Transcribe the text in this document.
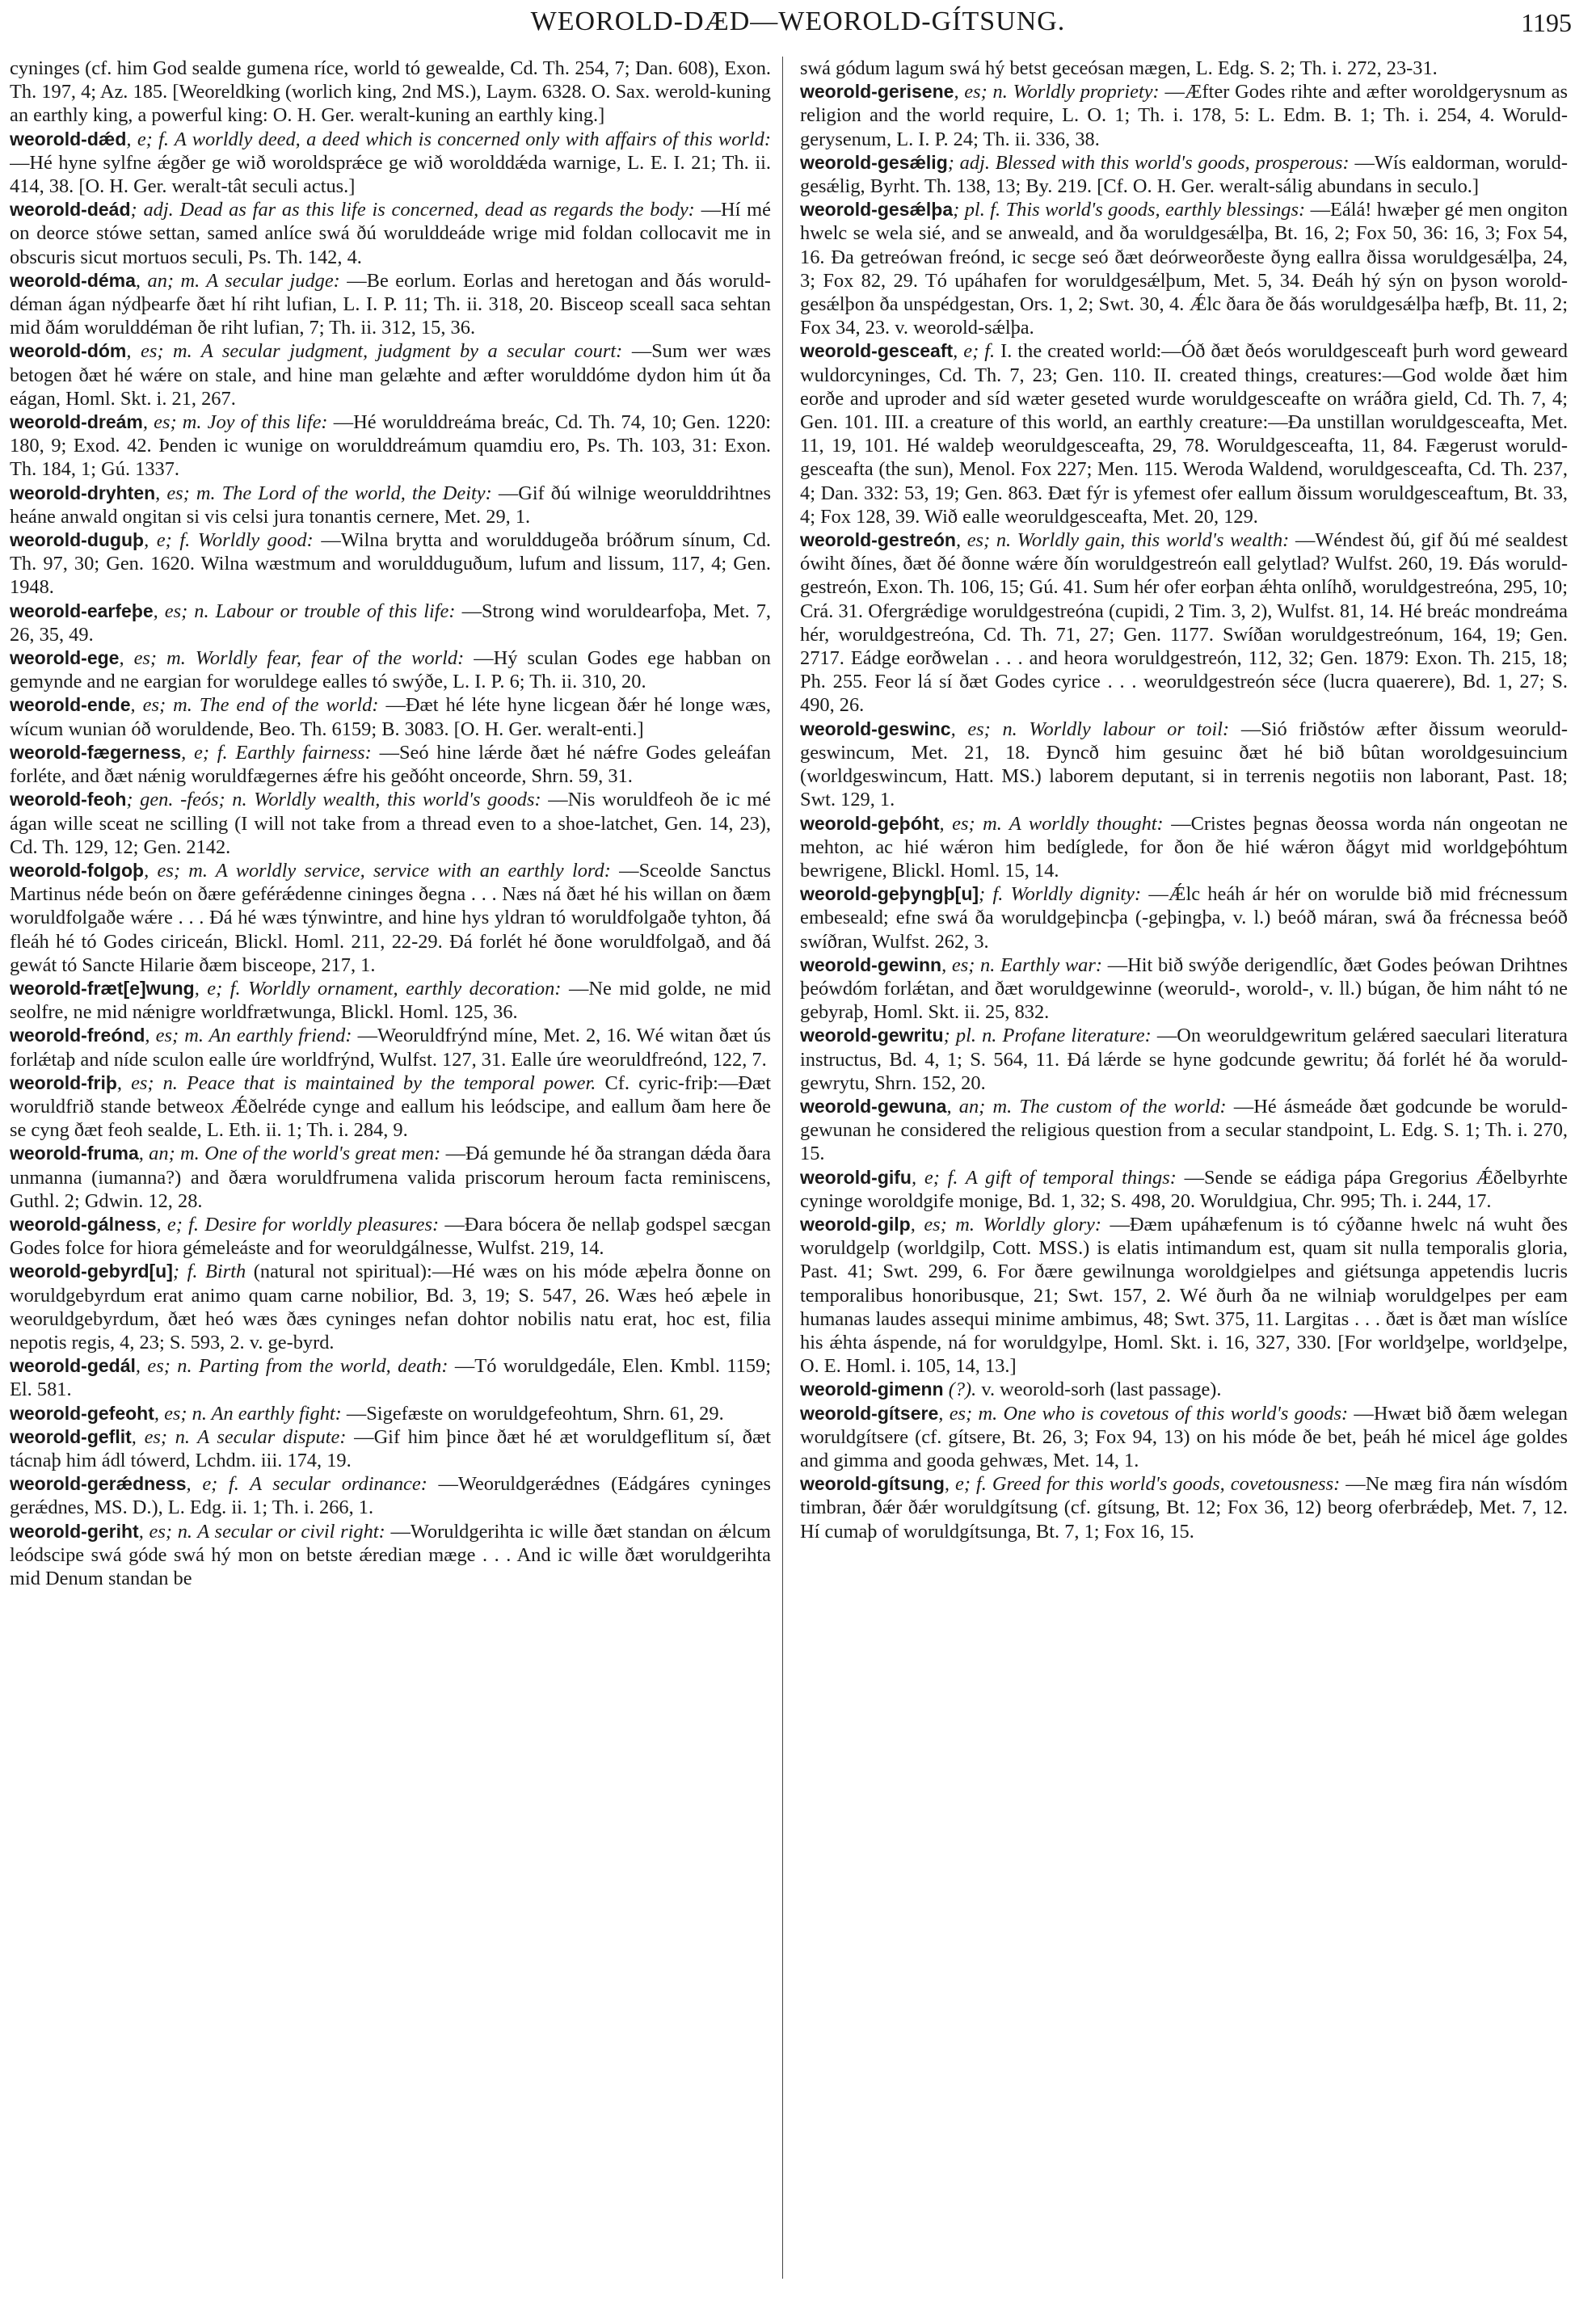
WEOROLD-DÆD—WEOROLD-GÍTSUNG.	1195

cyninges (cf. him God sealde gumena ríce, world tó gewealde, Cd. Th. 254, 7; Dan. 608), Exon. Th. 197, 4; Az. 185. [Weoreldking (worlich king, 2nd MS.), Laym. 6328. O. Sax. werold-kuning an earthly king, a powerful king: O. H. Ger. weralt-kuning an earthly king.]

weorold-dǽd, e; f. A worldly deed, a deed which is concerned only with affairs of this world: —Hé hyne sylfne ǽgðer ge wið woroldsprǽce ge wið worolddǽda warnige, L. E. I. 21; Th. ii. 414, 38. [O. H. Ger. weralt-tât seculi actus.]

weorold-deád; adj. Dead as far as this life is concerned, dead as regards the body: —Hí mé on deorce stówe settan, samed anlíce swá ðú worulddeáde wrige mid foldan collocavit me in obscuris sicut mortuos seculi, Ps. Th. 142, 4.

weorold-déma, an; m. A secular judge: —Be eorlum. Eorlas and heretogan and ðás worulddéman ágan nýdþearfe ðæt hí riht lufian, L. I. P. 11; Th. ii. 318, 20. Bisceop sceall saca sehtan mid ðám worulddéman ðe riht lufian, 7; Th. ii. 312, 15, 36.

weorold-dóm, es; m. A secular judgment, judgment by a secular court: —Sum wer wæs betogen ðæt hé wǽre on stale, and hine man gelæhte and æfter worulddóme dydon him út ða eágan, Homl. Skt. i. 21, 267.

weorold-dreám, es; m. Joy of this life: —Hé worulddreáma breác, Cd. Th. 74, 10; Gen. 1220: 180, 9; Exod. 42. Þenden ic wunige on worulddreámum quamdiu ero, Ps. Th. 103, 31: Exon. Th. 184, 1; Gú. 1337.

weorold-dryhten, es; m. The Lord of the world, the Deity: —Gif ðú wilnige weorulddrihtnes heáne anwald ongitan si vis celsi jura tonantis cernere, Met. 29, 1.

weorold-duguþ, e; f. Worldly good: —Wilna brytta and worulddugeða bróðrum sínum, Cd. Th. 97, 30; Gen. 1620. Wilna wæstmum and woruldduguðum, lufum and lissum, 117, 4; Gen. 1948.

weorold-earfeþe, es; n. Labour or trouble of this life: —Strong wind woruldearfoþa, Met. 7, 26, 35, 49.

weorold-ege, es; m. Worldly fear, fear of the world: —Hý sculan Godes ege habban on gemynde and ne eargian for woruldege ealles tó swýðe, L. I. P. 6; Th. ii. 310, 20.

weorold-ende, es; m. The end of the world: —Ðæt hé léte hyne licgean ðǽr hé longe wæs, wícum wunian óð woruldende, Beo. Th. 6159; B. 3083. [O. H. Ger. weralt-enti.]

weorold-fægerness, e; f. Earthly fairness: —Seó hine lǽrde ðæt hé nǽfre Godes geleáfan forléte, and ðæt nǽnig woruldfægernes ǽfre his geðóht onceorde, Shrn. 59, 31.

weorold-feoh; gen. -feós; n. Worldly wealth, this world's goods: —Nis woruldfeoh ðe ic mé ágan wille sceat ne scilling (I will not take from a thread even to a shoe-latchet, Gen. 14, 23), Cd. Th. 129, 12; Gen. 2142.

weorold-folgoþ, es; m. A worldly service, service with an earthly lord: —Sceolde Sanctus Martinus néde beón on ðære geférǽdenne cininges ðegna . . . Næs ná ðæt hé his willan on ðæm woruldfolgaðe wǽre . . . Ðá hé wæs týnwintre, and hine hys yldran tó woruldfolgaðe tyhton, ðá fleáh hé tó Godes ciriceán, Blickl. Homl. 211, 22-29. Ðá forlét hé ðone woruldfolgað, and ðá gewát tó Sancte Hilarie ðæm bisceope, 217, 1.

weorold-fræt[e]wung, e; f. Worldly ornament, earthly decoration: —Ne mid golde, ne mid seolfre, ne mid nǽnigre worldfrætwunga, Blickl. Homl. 125, 36.

weorold-freónd, es; m. An earthly friend: —Weoruldfrýnd míne, Met. 2, 16. Wé witan ðæt ús forlǽtaþ and níde sculon ealle úre worldfrýnd, Wulfst. 127, 31. Ealle úre weoruldfreónd, 122, 7.

weorold-friþ, es; n. Peace that is maintained by the temporal power. Cf. cyric-friþ:—Ðæt woruldfrið stande betweox Ǽðelréde cynge and eallum his leódscipe, and eallum ðam here ðe se cyng ðæt feoh sealde, L. Eth. ii. 1; Th. i. 284, 9.

weorold-fruma, an; m. One of the world's great men: —Ðá gemunde hé ða strangan dǽda ðara unmanna (iumanna?) and ðæra woruldfrumena valida priscorum heroum facta reminiscens, Guthl. 2; Gdwin. 12, 28.

weorold-gálness, e; f. Desire for worldly pleasures: —Ðara bócera ðe nellaþ godspel sæcgan Godes folce for hiora gémeleáste and for weoruldgálnesse, Wulfst. 219, 14.

weorold-gebyrd[u]; f. Birth (natural not spiritual):—Hé wæs on his móde æþelra ðonne on woruldgebyrdum erat animo quam carne nobilior, Bd. 3, 19; S. 547, 26. Wæs heó æþele in weoruldgebyrdum, ðæt heó wæs ðæs cyninges nefan dohtor nobilis natu erat, hoc est, filia nepotis regis, 4, 23; S. 593, 2. v. ge-byrd.

weorold-gedál, es; n. Parting from the world, death: —Tó woruldgedále, Elen. Kmbl. 1159; El. 581.

weorold-gefeoht, es; n. An earthly fight: —Sigefæste on woruldgefeohtum, Shrn. 61, 29.

weorold-geflit, es; n. A secular dispute: —Gif him þince ðæt hé æt woruldgeflitum sí, ðæt tácnaþ him ádl tówerd, Lchdm. iii. 174, 19.

weorold-gerǽdness, e; f. A secular ordinance: —Weoruldgerǽdnes (Eádgáres cyninges gerǽdnes, MS. D.), L. Edg. ii. 1; Th. i. 266, 1.

weorold-geriht, es; n. A secular or civil right: —Woruldgerihta ic wille ðæt standan on ǽlcum leódscipe swá góde swá hý mon on betste ǽredian mæge . . . And ic wille ðæt woruldgerihta mid Denum standan be

swá gódum lagum swá hý betst geceósan mægen, L. Edg. S. 2; Th. i. 272, 23-31.

weorold-gerisene, es; n. Worldly propriety: —Æfter Godes rihte and æfter woroldgerysnum as religion and the world require, L. O. 1; Th. i. 178, 5: L. Edm. B. 1; Th. i. 254, 4. Woruldgerysenum, L. I. P. 24; Th. ii. 336, 38.

weorold-gesǽlig; adj. Blessed with this world's goods, prosperous: —Wís ealdorman, woruldgesǽlig, Byrht. Th. 138, 13; By. 219. [Cf. O. H. Ger. weralt-sálig abundans in seculo.]

weorold-gesǽlþa; pl. f. This world's goods, earthly blessings: —Eálá! hwæþer gé men ongiton hwelc se wela sié, and se anweald, and ða woruldgesǽlþa, Bt. 16, 2; Fox 50, 36: 16, 3; Fox 54, 16. Ða getreówan freónd, ic secge seó ðæt deórweorðeste ðyng eallra ðissa woruldgesǽlþa, 24, 3; Fox 82, 29. Tó upáhafen for woruldgesǽlþum, Met. 5, 34. Ðeáh hý sýn on þyson woroldgesǽlþon ða unspédgestan, Ors. 1, 2; Swt. 30, 4. Ǽlc ðara ðe ðás woruldgesǽlþa hæfþ, Bt. 11, 2; Fox 34, 23. v. weorold-sǽlþa.

weorold-gesceaft, e; f. I. the created world:—Óð ðæt ðeós woruldgesceaft þurh word geweard wuldorcyninges, Cd. Th. 7, 23; Gen. 110. II. created things, creatures:—God wolde ðæt him eorðe and uproder and síd wæter geseted wurde woruldgesceafte on wráðra gield, Cd. Th. 7, 4; Gen. 101. III. a creature of this world, an earthly creature:—Ða unstillan woruldgesceafta, Met. 11, 19, 101. Hé waldeþ weoruldgesceafta, 29, 78. Woruldgesceafta, 11, 84. Fægerust woruldgesceafta (the sun), Menol. Fox 227; Men. 115. Weroda Waldend, woruldgesceafta, Cd. Th. 237, 4; Dan. 332: 53, 19; Gen. 863. Ðæt fýr is yfemest ofer eallum ðissum woruldgesceaftum, Bt. 33, 4; Fox 128, 39. Wið ealle weoruldgesceafta, Met. 20, 129.

weorold-gestreón, es; n. Worldly gain, this world's wealth: —Wéndest ðú, gif ðú mé sealdest ówiht ðínes, ðæt ðé ðonne wǽre ðín woruldgestreón eall gelytlad? Wulfst. 260, 19. Ðás woruldgestreón, Exon. Th. 106, 15; Gú. 41. Sum hér ofer eorþan ǽhta onlíhð, woruldgestreóna, 295, 10; Crá. 31. Ofergrǽdige woruldgestreóna (cupidi, 2 Tim. 3, 2), Wulfst. 81, 14. Hé breác mondreáma hér, woruldgestreóna, Cd. Th. 71, 27; Gen. 1177. Swíðan woruldgestreónum, 164, 19; Gen. 2717. Eádge eorðwelan . . . and heora woruldgestreón, 112, 32; Gen. 1879: Exon. Th. 215, 18; Ph. 255. Feor lá sí ðæt Godes cyrice . . . weoruldgestreón séce (lucra quaerere), Bd. 1, 27; S. 490, 26.

weorold-geswinc, es; n. Worldly labour or toil: —Sió friðstów æfter ðissum weoruldgeswincum, Met. 21, 18. Ðyncð him gesuinc ðæt hé bið bûtan woroldgesuincium (worldgeswincum, Hatt. MS.) laborem deputant, si in terrenis negotiis non laborant, Past. 18; Swt. 129, 1.

weorold-geþóht, es; m. A worldly thought: —Cristes þegnas ðeossa worda nán ongeotan ne mehton, ac hié wǽron him bedíglede, for ðon ðe hié wǽron ðágyt mid worldgeþóhtum bewrigene, Blickl. Homl. 15, 14.

weorold-geþyngþ[u]; f. Worldly dignity: —Ǽlc heáh ár hér on worulde bið mid frécnessum embeseald; efne swá ða woruldgeþincþa (-geþingþa, v. l.) beóð máran, swá ða frécnessa beóð swíðran, Wulfst. 262, 3.

weorold-gewinn, es; n. Earthly war: —Hit bið swýðe derigendlíc, ðæt Godes þeówan Drihtnes þeówdóm forlǽtan, and ðæt woruldgewinne (weoruld-, worold-, v. ll.) búgan, ðe him náht tó ne gebyraþ, Homl. Skt. ii. 25, 832.

weorold-gewritu; pl. n. Profane literature: —On weoruldgewritum gelǽred saeculari literatura instructus, Bd. 4, 1; S. 564, 11. Ðá lǽrde se hyne godcunde gewritu; ðá forlét hé ða woruldgewrytu, Shrn. 152, 20.

weorold-gewuna, an; m. The custom of the world: —Hé ásmeáde ðæt godcunde be woruldgewunan he considered the religious question from a secular standpoint, L. Edg. S. 1; Th. i. 270, 15.

weorold-gifu, e; f. A gift of temporal things: —Sende se eádiga pápa Gregorius Ǽðelbyrhte cyninge woroldgife monige, Bd. 1, 32; S. 498, 20. Woruldgiua, Chr. 995; Th. i. 244, 17.

weorold-gilp, es; m. Worldly glory: —Ðæm upáhæfenum is tó cýðanne hwelc ná wuht ðes woruldgelp (worldgilp, Cott. MSS.) is elatis intimandum est, quam sit nulla temporalis gloria, Past. 41; Swt. 299, 6. For ðære gewilnunga woroldgielpes and giétsunga appetendis lucris temporalibus honoribusque, 21; Swt. 157, 2. Wé ðurh ða ne wilniaþ woruldgelpes per eam humanas laudes assequi minime ambimus, 48; Swt. 375, 11. Largitas . . . ðæt is ðæt man wíslíce his ǽhta áspende, ná for woruldgylpe, Homl. Skt. i. 16, 327, 330. [For worldȝelpe, worldȝelpe, O. E. Homl. i. 105, 14, 13.]

weorold-gimenn (?). v. weorold-sorh (last passage).

weorold-gítsere, es; m. One who is covetous of this world's goods: —Hwæt bið ðæm welegan woruldgítsere (cf. gítsere, Bt. 26, 3; Fox 94, 13) on his móde ðe bet, þeáh hé micel áge goldes and gimma and gooda gehwæs, Met. 14, 1.

weorold-gítsung, e; f. Greed for this world's goods, covetousness: —Ne mæg fira nán wísdóm timbran, ðǽr ðǽr woruldgítsung (cf. gítsung, Bt. 12; Fox 36, 12) beorg oferbrǽdeþ, Met. 7, 12. Hí cumaþ of woruldgítsunga, Bt. 7, 1; Fox 16, 15.
